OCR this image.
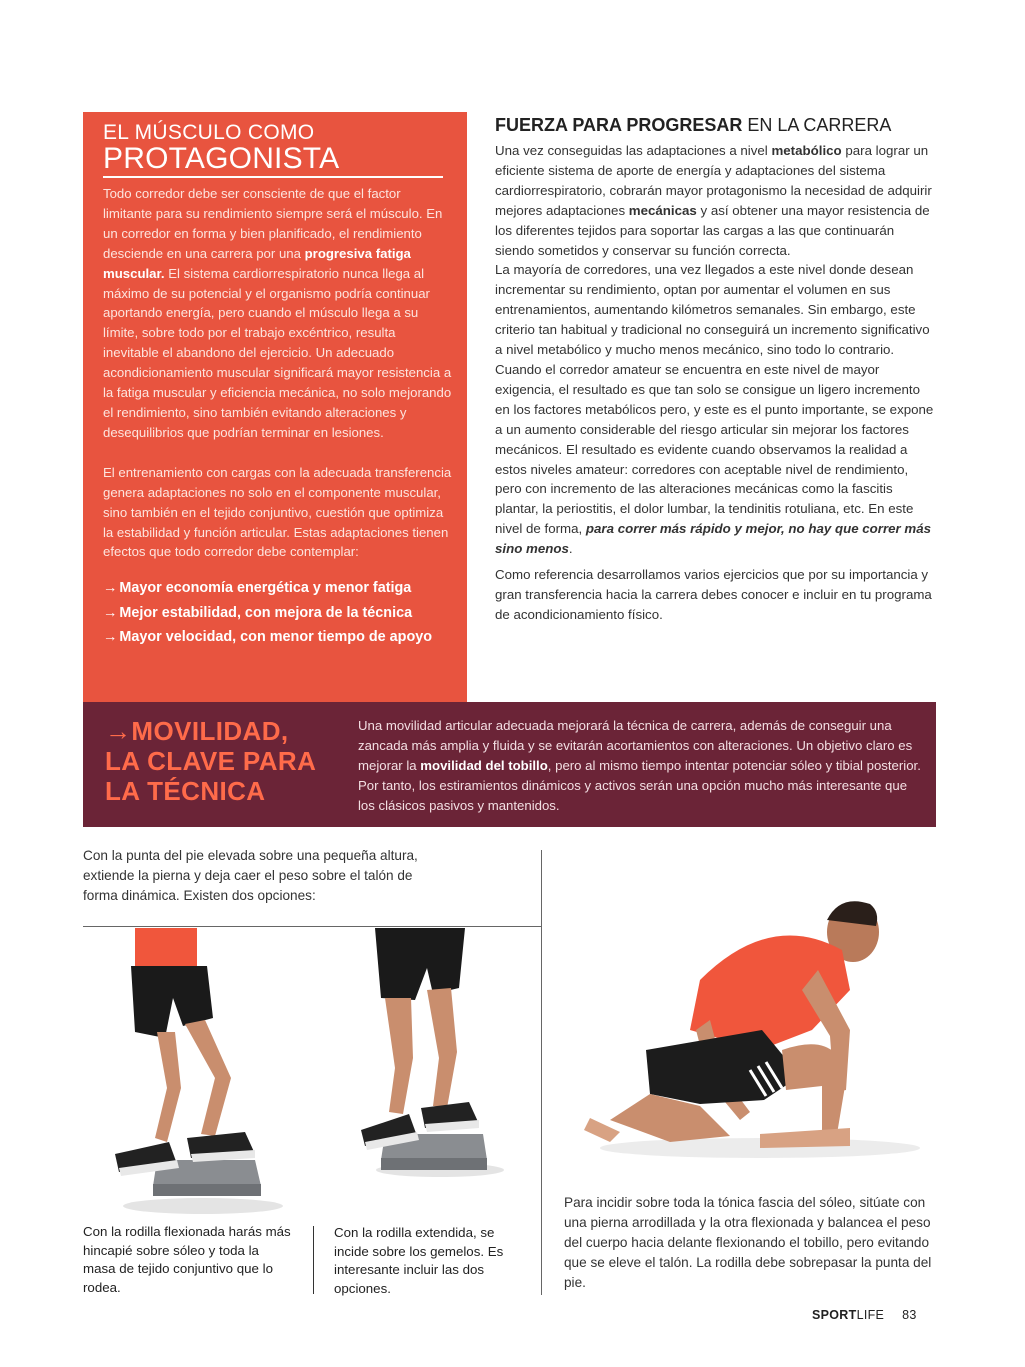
EL MÚSCULO COMO
PROTAGONISTA

Todo corredor debe ser consciente de que el factor limitante para su rendimiento siempre será el músculo. En un corredor en forma y bien planificado, el rendimiento desciende en una carrera por una progresiva fatiga muscular. El sistema cardiorrespiratorio nunca llega al máximo de su potencial y el organismo podría continuar aportando energía, pero cuando el músculo llega a su límite, sobre todo por el trabajo excéntrico, resulta inevitable el abandono del ejercicio. Un adecuado acondicionamiento muscular significará mayor resistencia a la fatiga muscular y eficiencia mecánica, no solo mejorando el rendimiento, sino también evitando alteraciones y desequilibrios que podrían terminar en lesiones.

El entrenamiento con cargas con la adecuada transferencia genera adaptaciones no solo en el componente muscular, sino también en el tejido conjuntivo, cuestión que optimiza la estabilidad y función articular. Estas adaptaciones tienen efectos que todo corredor debe contemplar:

→ Mayor economía energética y menor fatiga
→ Mejor estabilidad, con mejora de la técnica
→ Mayor velocidad, con menor tiempo de apoyo
FUERZA PARA PROGRESAR EN LA CARRERA

Una vez conseguidas las adaptaciones a nivel metabólico para lograr un eficiente sistema de aporte de energía y adaptaciones del sistema cardiorrespiratorio, cobrarán mayor protagonismo la necesidad de adquirir mejores adaptaciones mecánicas y así obtener una mayor resistencia de los diferentes tejidos para soportar las cargas a las que continuarán siendo sometidos y conservar su función correcta.

La mayoría de corredores, una vez llegados a este nivel donde desean incrementar su rendimiento, optan por aumentar el volumen en sus entrenamientos, aumentando kilómetros semanales. Sin embargo, este criterio tan habitual y tradicional no conseguirá un incremento significativo a nivel metabólico y mucho menos mecánico, sino todo lo contrario.

Cuando el corredor amateur se encuentra en este nivel de mayor exigencia, el resultado es que tan solo se consigue un ligero incremento en los factores metabólicos pero, y este es el punto importante, se expone a un aumento considerable del riesgo articular sin mejorar los factores mecánicos. El resultado es evidente cuando observamos la realidad a estos niveles amateur: corredores con aceptable nivel de rendimiento, pero con incremento de las alteraciones mecánicas como la fascitis plantar, la periostitis, el dolor lumbar, la tendinitis rotuliana, etc. En este nivel de forma, para correr más rápido y mejor, no hay que correr más sino menos.

Como referencia desarrollamos varios ejercicios que por su importancia y gran transferencia hacia la carrera debes conocer e incluir en tu programa de acondicionamiento físico.

→MOVILIDAD,
LA CLAVE PARA
LA TÉCNICA
Una movilidad articular adecuada mejorará la técnica de carrera, además de conseguir una zancada más amplia y fluida y se evitarán acortamientos con alteraciones. Un objetivo claro es mejorar la movilidad del tobillo, pero al mismo tiempo intentar potenciar sóleo y tibial posterior. Por tanto, los estiramientos dinámicos y activos serán una opción mucho más interesante que los clásicos pasivos y mantenidos.

Con la punta del pie elevada sobre una pequeña altura, extiende la pierna y deja caer el peso sobre el talón de forma dinámica. Existen dos opciones:

Con la rodilla flexionada harás más hincapié sobre sóleo y toda la masa de tejido conjuntivo que lo rodea.
Con la rodilla extendida, se incide sobre los gemelos. Es interesante incluir las dos opciones.

Para incidir sobre toda la tónica fascia del sóleo, sitúate con una pierna arrodillada y la otra flexionada y balancea el peso del cuerpo hacia delante flexionando el tobillo, pero evitando que se eleve el talón. La rodilla debe sobrepasar la punta del pie.

SPORTLIFE 83
